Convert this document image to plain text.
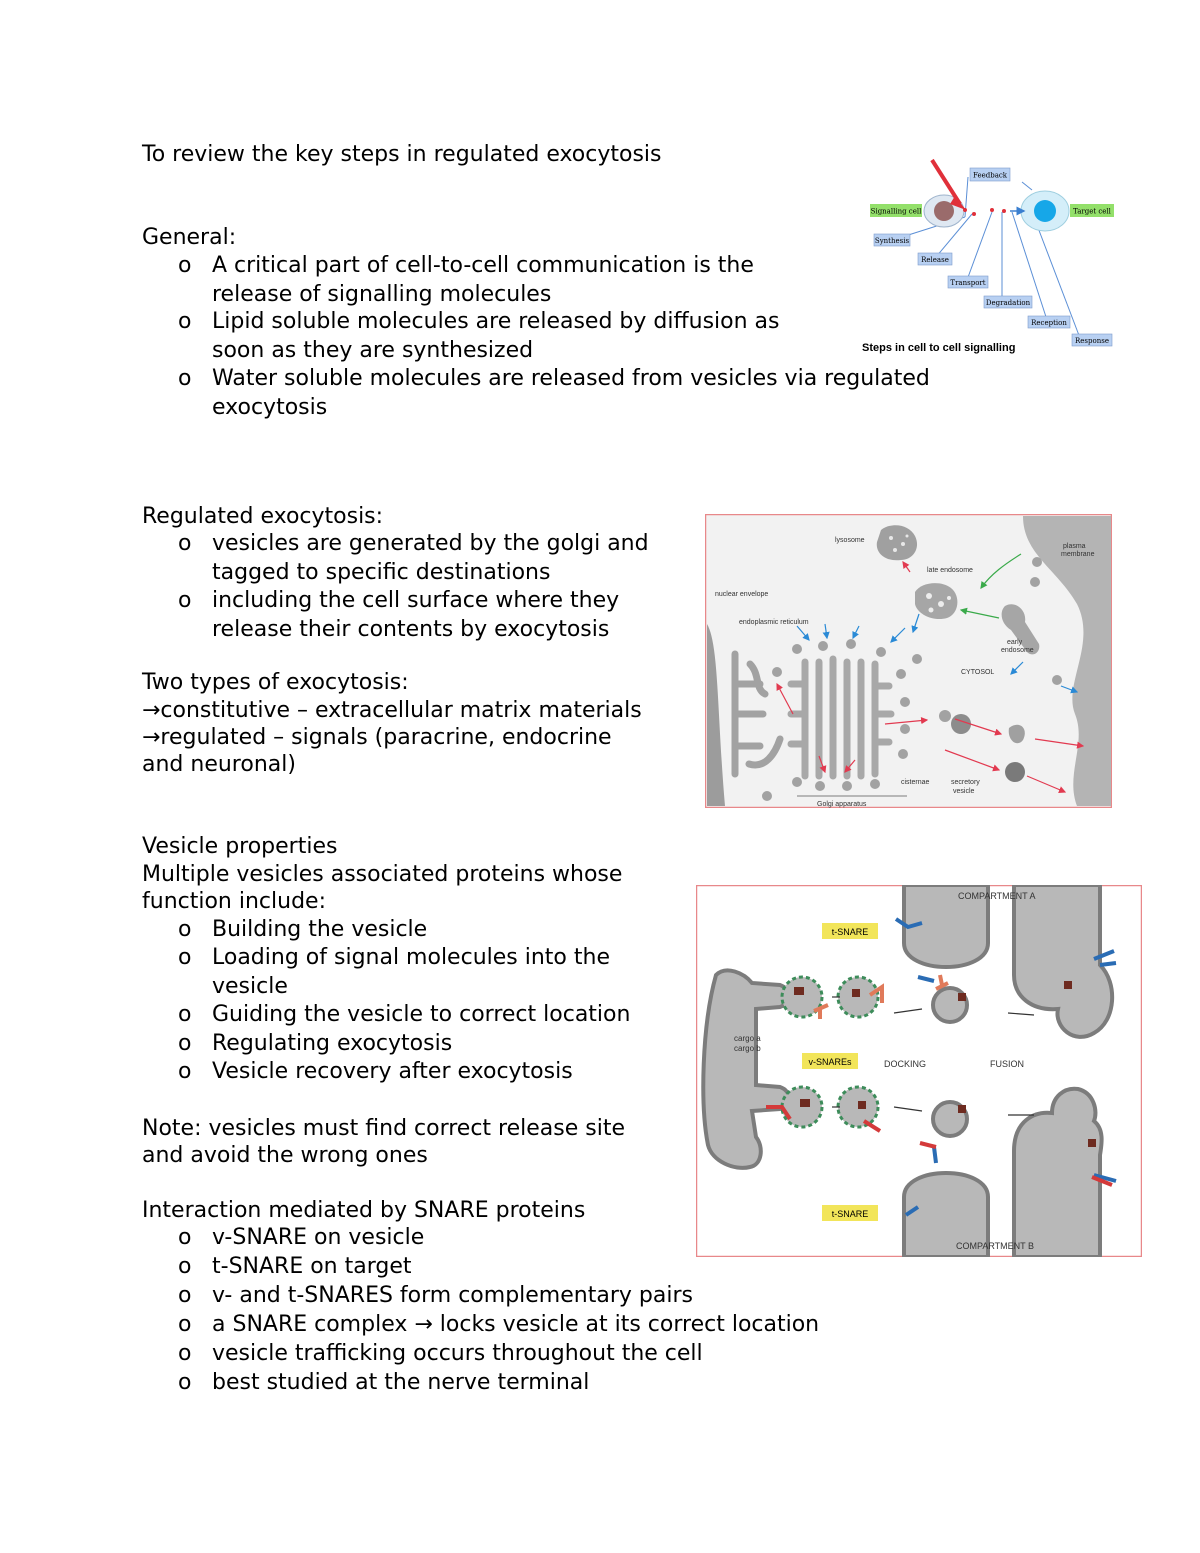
To review the key steps in regulated exocytosis
General:
o A critical part of cell-to-cell communication is the
release of signalling molecules
o Lipid soluble molecules are released by diffusion as
soon as they are synthesized
o Water soluble molecules are released from vesicles via regulated
exocytosis
Regulated exocytosis:
o vesicles are generated by the golgi and
tagged to specific destinations
o including the cell surface where they
release their contents by exocytosis
Two types of exocytosis:
→constitutive – extracellular matrix materials
→regulated – signals (paracrine, endocrine
and neuronal)
Vesicle properties
Multiple vesicles associated proteins whose
function include:
o Building the vesicle
o Loading of signal molecules into the
vesicle
o Guiding the vesicle to correct location
o Regulating exocytosis
o Vesicle recovery after exocytosis
Note: vesicles must find correct release site
and avoid the wrong ones
Interaction mediated by SNARE proteins
o v-SNARE on vesicle
o t-SNARE on target
o v- and t-SNARES form complementary pairs
o a SNARE complex → locks vesicle at its correct location
o vesicle trafficking occurs throughout the cell
o best studied at the nerve terminal
Signalling cell	Target cell
Feedback
Synthesis
Release
Transport
Degradation
Reception
Response
Steps in cell to cell signalling
lysosome
late endosome
plasma
membrane
nuclear envelope
endoplasmic reticulum
early
endosome
CYTOSOL
cisternae	secretory
vesicle
Golgi apparatus
COMPARTMENT A
COMPARTMENT B
DOCKING	FUSION
cargo a
cargo b
t-SNARE
v-SNAREs
t-SNARE
